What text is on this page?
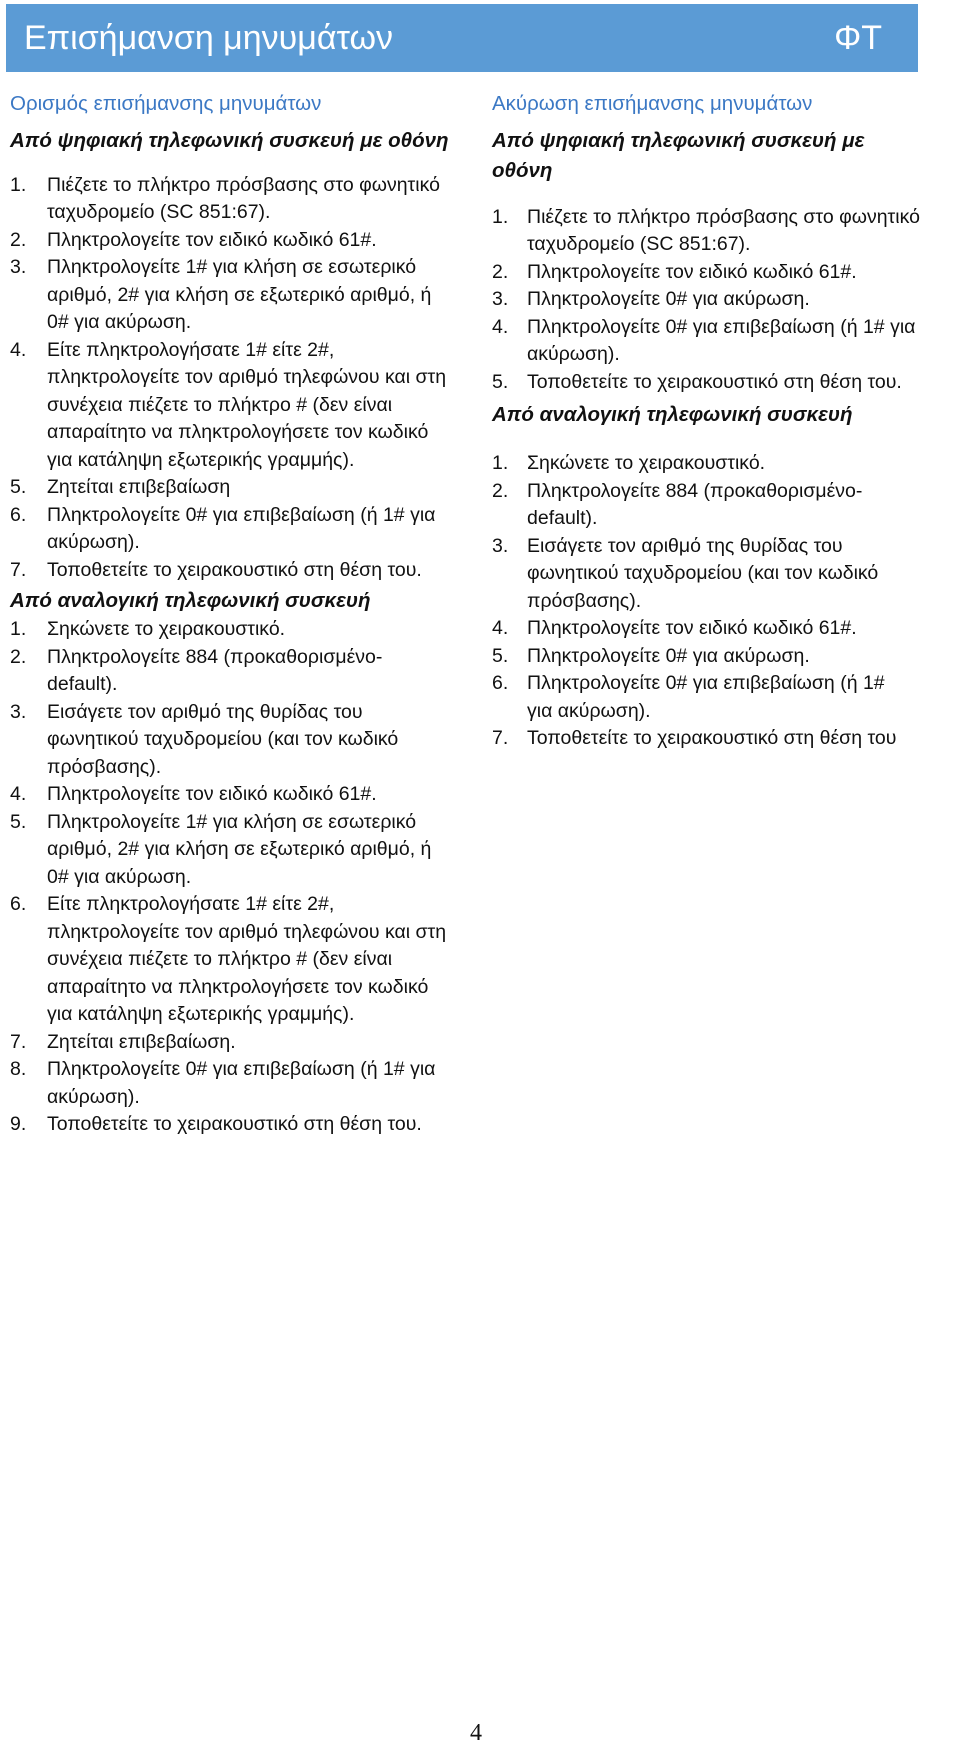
Επισήμανση μηνυμάτων	ΦΤ
Ορισμός επισήμανσης μηνυμάτων
Από ψηφιακή τηλεφωνική συσκευή με οθόνη
1. Πιέζετε το πλήκτρο πρόσβασης στο φωνητικό ταχυδρομείο (SC 851:67).
2. Πληκτρολογείτε τον ειδικό κωδικό 61#.
3. Πληκτρολογείτε 1# για κλήση σε εσωτερικό αριθμό, 2# για κλήση σε εξωτερικό αριθμό, ή 0# για ακύρωση.
4. Είτε πληκτρολογήσατε 1# είτε 2#, πληκτρολογείτε τον αριθμό τηλεφώνου και στη συνέχεια πιέζετε το πλήκτρο # (δεν είναι απαραίτητο να πληκτρολογήσετε τον κωδικό για κατάληψη εξωτερικής γραμμής).
5. Ζητείται επιβεβαίωση
6. Πληκτρολογείτε 0# για επιβεβαίωση (ή 1# για ακύρωση).
7. Τοποθετείτε το χειρακουστικό στη θέση του.
Από αναλογική τηλεφωνική συσκευή
1. Σηκώνετε το χειρακουστικό.
2. Πληκτρολογείτε 884 (προκαθορισμένο-default).
3. Εισάγετε τον αριθμό της θυρίδας του φωνητικού ταχυδρομείου (και τον κωδικό πρόσβασης).
4. Πληκτρολογείτε τον ειδικό κωδικό 61#.
5. Πληκτρολογείτε 1# για κλήση σε εσωτερικό αριθμό, 2# για κλήση σε εξωτερικό αριθμό, ή 0# για ακύρωση.
6. Είτε πληκτρολογήσατε 1# είτε 2#, πληκτρολογείτε τον αριθμό τηλεφώνου και στη συνέχεια πιέζετε το πλήκτρο # (δεν είναι απαραίτητο να πληκτρολογήσετε τον κωδικό για κατάληψη εξωτερικής γραμμής).
7. Ζητείται επιβεβαίωση.
8. Πληκτρολογείτε 0# για επιβεβαίωση (ή 1# για ακύρωση).
9. Τοποθετείτε το χειρακουστικό στη θέση του.
Ακύρωση επισήμανσης μηνυμάτων
Από ψηφιακή τηλεφωνική συσκευή με οθόνη
1. Πιέζετε το πλήκτρο πρόσβασης στο φωνητικό ταχυδρομείο (SC 851:67).
2. Πληκτρολογείτε τον ειδικό κωδικό 61#.
3. Πληκτρολογείτε 0# για ακύρωση.
4. Πληκτρολογείτε 0# για επιβεβαίωση (ή 1# για ακύρωση).
5. Τοποθετείτε το χειρακουστικό στη θέση του.
Από αναλογική τηλεφωνική συσκευή
1. Σηκώνετε το χειρακουστικό.
2. Πληκτρολογείτε 884 (προκαθορισμένο-default).
3. Εισάγετε τον αριθμό της θυρίδας του φωνητικού ταχυδρομείου (και τον κωδικό πρόσβασης).
4. Πληκτρολογείτε τον ειδικό κωδικό 61#.
5. Πληκτρολογείτε 0# για ακύρωση.
6. Πληκτρολογείτε 0# για επιβεβαίωση (ή 1# για ακύρωση).
7. Τοποθετείτε το χειρακουστικό στη θέση του
4
